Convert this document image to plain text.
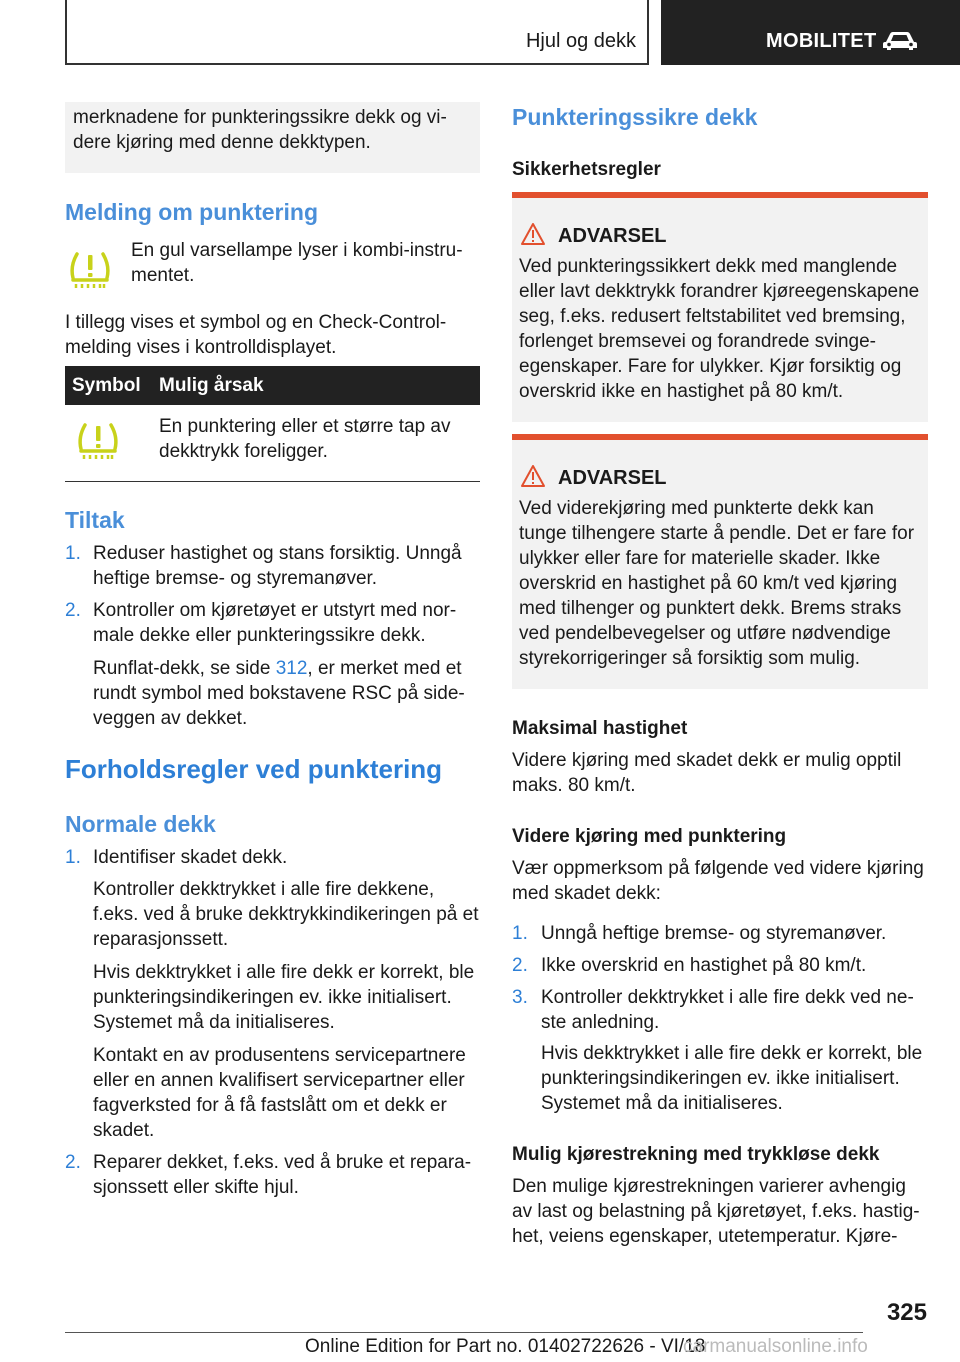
Hjul og dekk	MOBILITET
merknadene for punkteringssikre dekk og vi-
dere kjøring med denne dekktypen.
Melding om punktering
En gul varsellampe lyser i kombi-instru-
mentet.
I tillegg vises et symbol og en Check-Control-
melding vises i kontrolldisplayet.
Symbol Mulig årsak
En punktering eller et større tap av
dekktrykk foreligger.
Tiltak
1. Reduser hastighet og stans forsiktig. Unngå
heftige bremse- og styremanøver.
2. Kontroller om kjøretøyet er utstyrt med nor-
male dekke eller punkteringssikre dekk.
Runflat-dekk, se side 312, er merket med et
rundt symbol med bokstavene RSC på side-
veggen av dekket.
Forholdsregler ved punktering
Normale dekk
1. Identifiser skadet dekk.
Kontroller dekktrykket i alle fire dekkene,
f.eks. ved å bruke dekktrykkindikeringen på et
reparasjonssett.
Hvis dekktrykket i alle fire dekk er korrekt, ble
punkteringsindikeringen ev. ikke initialisert.
Systemet må da initialiseres.
Kontakt en av produsentens servicepartnere
eller en annen kvalifisert servicepartner eller
fagverksted for å få fastslått om et dekk er
skadet.
2. Reparer dekket, f.eks. ved å bruke et repara-
sjonssett eller skifte hjul.
Punkteringssikre dekk
Sikkerhetsregler
ADVARSEL
Ved punkteringssikkert dekk med manglende
eller lavt dekktrykk forandrer kjøreegenskapene
seg, f.eks. redusert feltstabilitet ved bremsing,
forlenget bremsevei og forandrede svinge-
egenskaper. Fare for ulykker. Kjør forsiktig og
overskrid ikke en hastighet på 80 km/t.
ADVARSEL
Ved viderekjøring med punkterte dekk kan
tunge tilhengere starte å pendle. Det er fare for
ulykker eller fare for materielle skader. Ikke
overskrid en hastighet på 60 km/t ved kjøring
med tilhenger og punktert dekk. Brems straks
ved pendelbevegelser og utføre nødvendige
styrekorrigeringer så forsiktig som mulig.
Maksimal hastighet
Videre kjøring med skadet dekk er mulig opptil
maks. 80 km/t.
Videre kjøring med punktering
Vær oppmerksom på følgende ved videre kjøring
med skadet dekk:
1. Unngå heftige bremse- og styremanøver.
2. Ikke overskrid en hastighet på 80 km/t.
3. Kontroller dekktrykket i alle fire dekk ved ne-
ste anledning.
Hvis dekktrykket i alle fire dekk er korrekt, ble
punkteringsindikeringen ev. ikke initialisert.
Systemet må da initialiseres.
Mulig kjørestrekning med trykkløse dekk
Den mulige kjørestrekningen varierer avhengig
av last og belastning på kjøretøyet, f.eks. hastig-
het, veiens egenskaper, utetemperatur. Kjøre-
325
Online Edition for Part no. 01402722626 - VI/18
carmanualsonline.info
